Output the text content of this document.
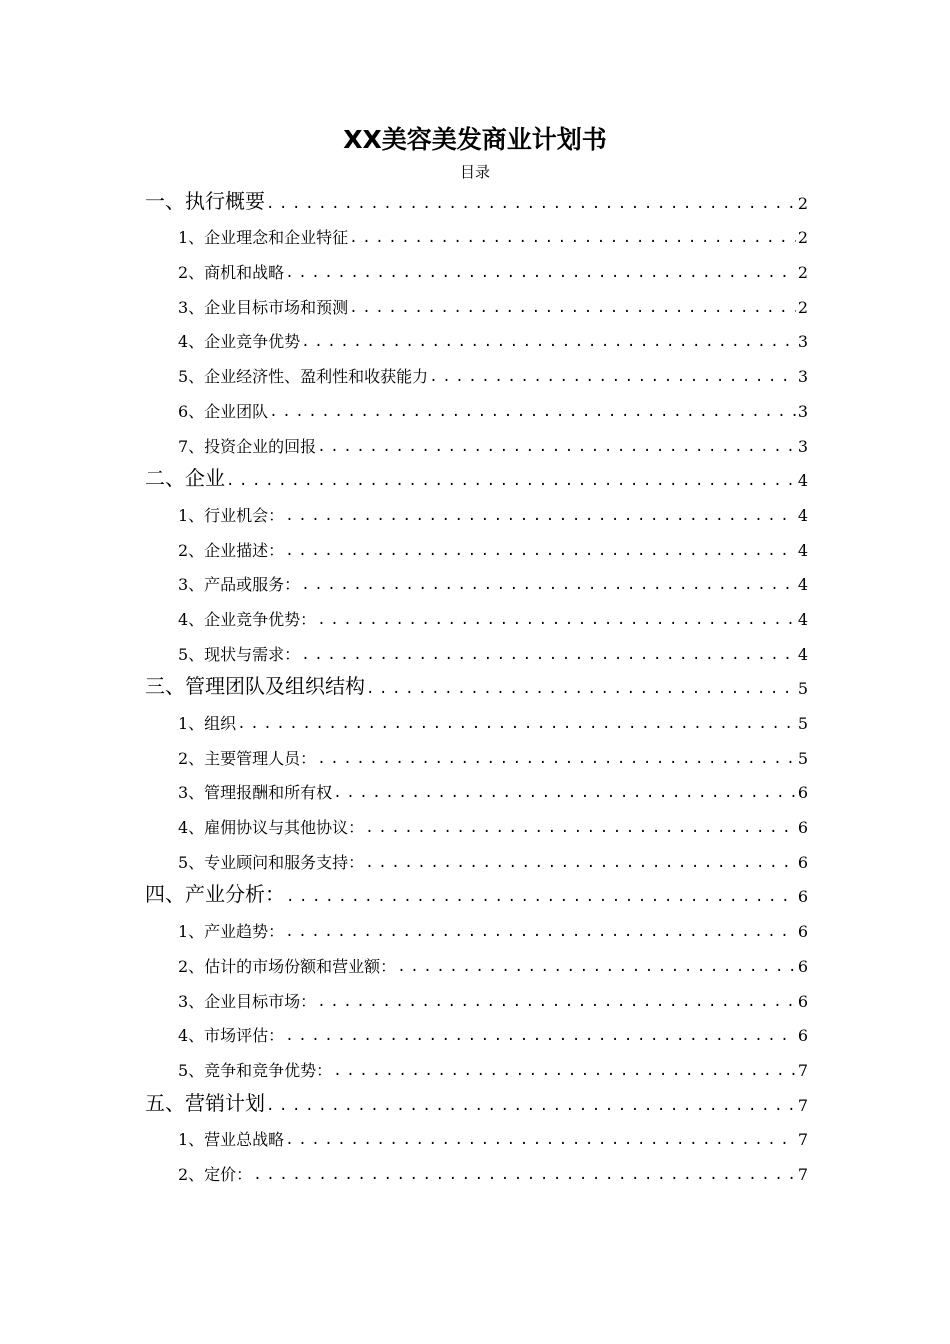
XX美容美发商业计划书
目录
一、执行概要 .....	2
1、企业理念和企业特征 .....	2
2、商机和战略 .....	2
3、企业目标市场和预测 .....	2
4、企业竞争优势 .....	3
5、企业经济性、盈利性和收获能力 .....	3
6、企业团队 .....	3
7、投资企业的回报 .....	3
二、企业 .....	4
1、行业机会： .....	4
2、企业描述： .....	4
3、产品或服务： .....	4
4、企业竞争优势： .....	4
5、现状与需求： .....	4
三、管理团队及组织结构 .....	5
1、组织 .....	5
2、主要管理人员： .....	5
3、管理报酬和所有权 .....	6
4、雇佣协议与其他协议： .....	6
5、专业顾问和服务支持： .....	6
四、产业分析： .....	6
1、产业趋势： .....	6
2、估计的市场份额和营业额： .....	6
3、企业目标市场： .....	6
4、市场评估： .....	6
5、竞争和竞争优势： .....	7
五、营销计划 .....	7
1、营业总战略 .....	7
2、定价： .....	7
